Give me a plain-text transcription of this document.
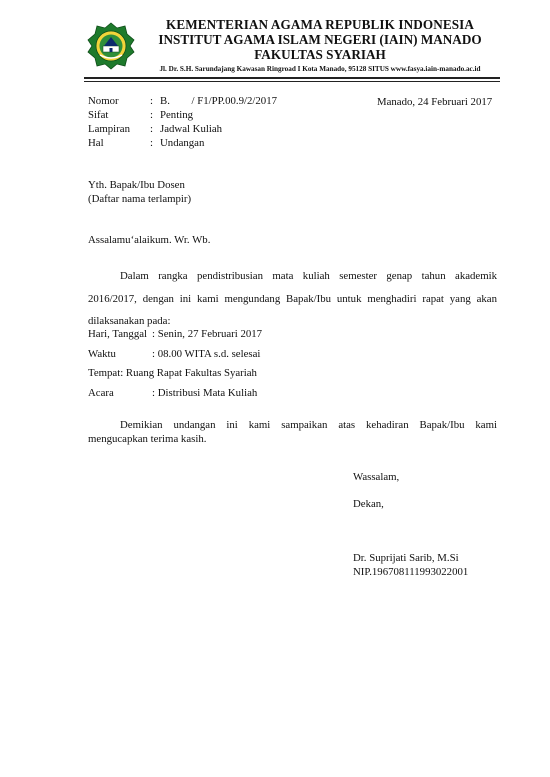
KEMENTERIAN AGAMA REPUBLIK INDONESIA
INSTITUT AGAMA ISLAM NEGERI (IAIN) MANADO
FAKULTAS SYARIAH
Jl. Dr. S.H. Sarundajang Kawasan Ringroad I Kota Manado, 95128 SITUS www.fasya.iain-manado.ac.id
Nomor	: B.        / F1/PP.00.9/2/2017	Manado, 24 Februari 2017
Sifat	: Penting
Lampiran : Jadwal Kuliah
Hal	: Undangan
Yth. Bapak/Ibu Dosen
(Daftar nama terlampir)
Assalamu‘alaikum. Wr. Wb.
Dalam rangka pendistribusian mata kuliah semester genap tahun akademik
2016/2017, dengan ini kami mengundang Bapak/Ibu untuk menghadiri rapat yang akan
dilaksanakan pada:
Hari, Tanggal : Senin, 27 Februari 2017
Waktu	: 08.00 WITA s.d. selesai
Tempat: Ruang Rapat Fakultas Syariah
Acara	: Distribusi Mata Kuliah
Demikian undangan ini kami sampaikan atas kehadiran Bapak/Ibu kami
mengucapkan terima kasih.
Wassalam,
Dekan,
Dr. Suprijati Sarib, M.Si
NIP.196708111993022001
